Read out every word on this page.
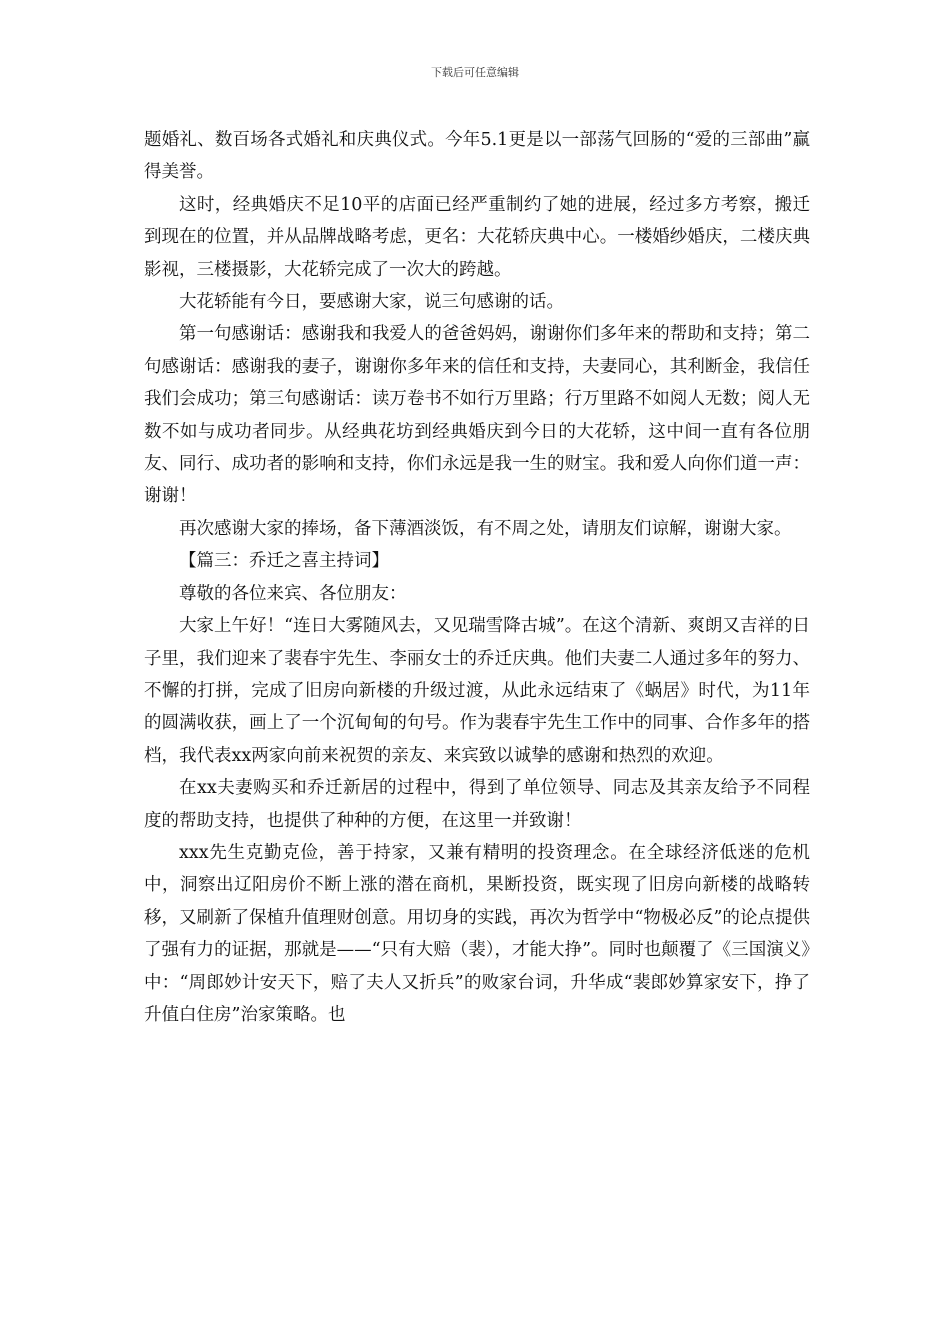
下载后可任意编辑

题婚礼、数百场各式婚礼和庆典仪式。今年5.1更是以一部荡气回肠的“爱的三部曲”赢得美誉。

这时，经典婚庆不足10平的店面已经严重制约了她的进展，经过多方考察，搬迁到现在的位置，并从品牌战略考虑，更名：大花轿庆典中心。一楼婚纱婚庆，二楼庆典影视，三楼摄影，大花轿完成了一次大的跨越。

大花轿能有今日，要感谢大家，说三句感谢的话。

第一句感谢话：感谢我和我爱人的爸爸妈妈，谢谢你们多年来的帮助和支持；第二句感谢话：感谢我的妻子，谢谢你多年来的信任和支持，夫妻同心，其利断金，我信任我们会成功；第三句感谢话：读万卷书不如行万里路；行万里路不如阅人无数；阅人无数不如与成功者同步。从经典花坊到经典婚庆到今日的大花轿，这中间一直有各位朋友、同行、成功者的影响和支持，你们永远是我一生的财宝。我和爱人向你们道一声：谢谢！

再次感谢大家的捧场，备下薄酒淡饭，有不周之处，请朋友们谅解，谢谢大家。

【篇三：乔迁之喜主持词】

尊敬的各位来宾、各位朋友：

大家上午好！“连日大雾随风去，又见瑞雪降古城”。在这个清新、爽朗又吉祥的日子里，我们迎来了裴春宇先生、李丽女士的乔迁庆典。他们夫妻二人通过多年的努力、不懈的打拼，完成了旧房向新楼的升级过渡，从此永远结束了《蜗居》时代，为11年的圆满收获，画上了一个沉甸甸的句号。作为裴春宇先生工作中的同事、合作多年的搭档，我代表xx两家向前来祝贺的亲友、来宾致以诚挚的感谢和热烈的欢迎。

在xx夫妻购买和乔迁新居的过程中，得到了单位领导、同志及其亲友给予不同程度的帮助支持，也提供了种种的方便，在这里一并致谢！

xxx先生克勤克俭，善于持家，又兼有精明的投资理念。在全球经济低迷的危机中，洞察出辽阳房价不断上涨的潜在商机，果断投资，既实现了旧房向新楼的战略转移，又刷新了保植升值理财创意。用切身的实践，再次为哲学中“物极必反”的论点提供了强有力的证据，那就是——“只有大赔（裴），才能大挣”。同时也颠覆了《三国演义》中：“周郎妙计安天下，赔了夫人又折兵”的败家台词，升华成“裴郎妙算家安下，挣了升值白住房”治家策略。也
